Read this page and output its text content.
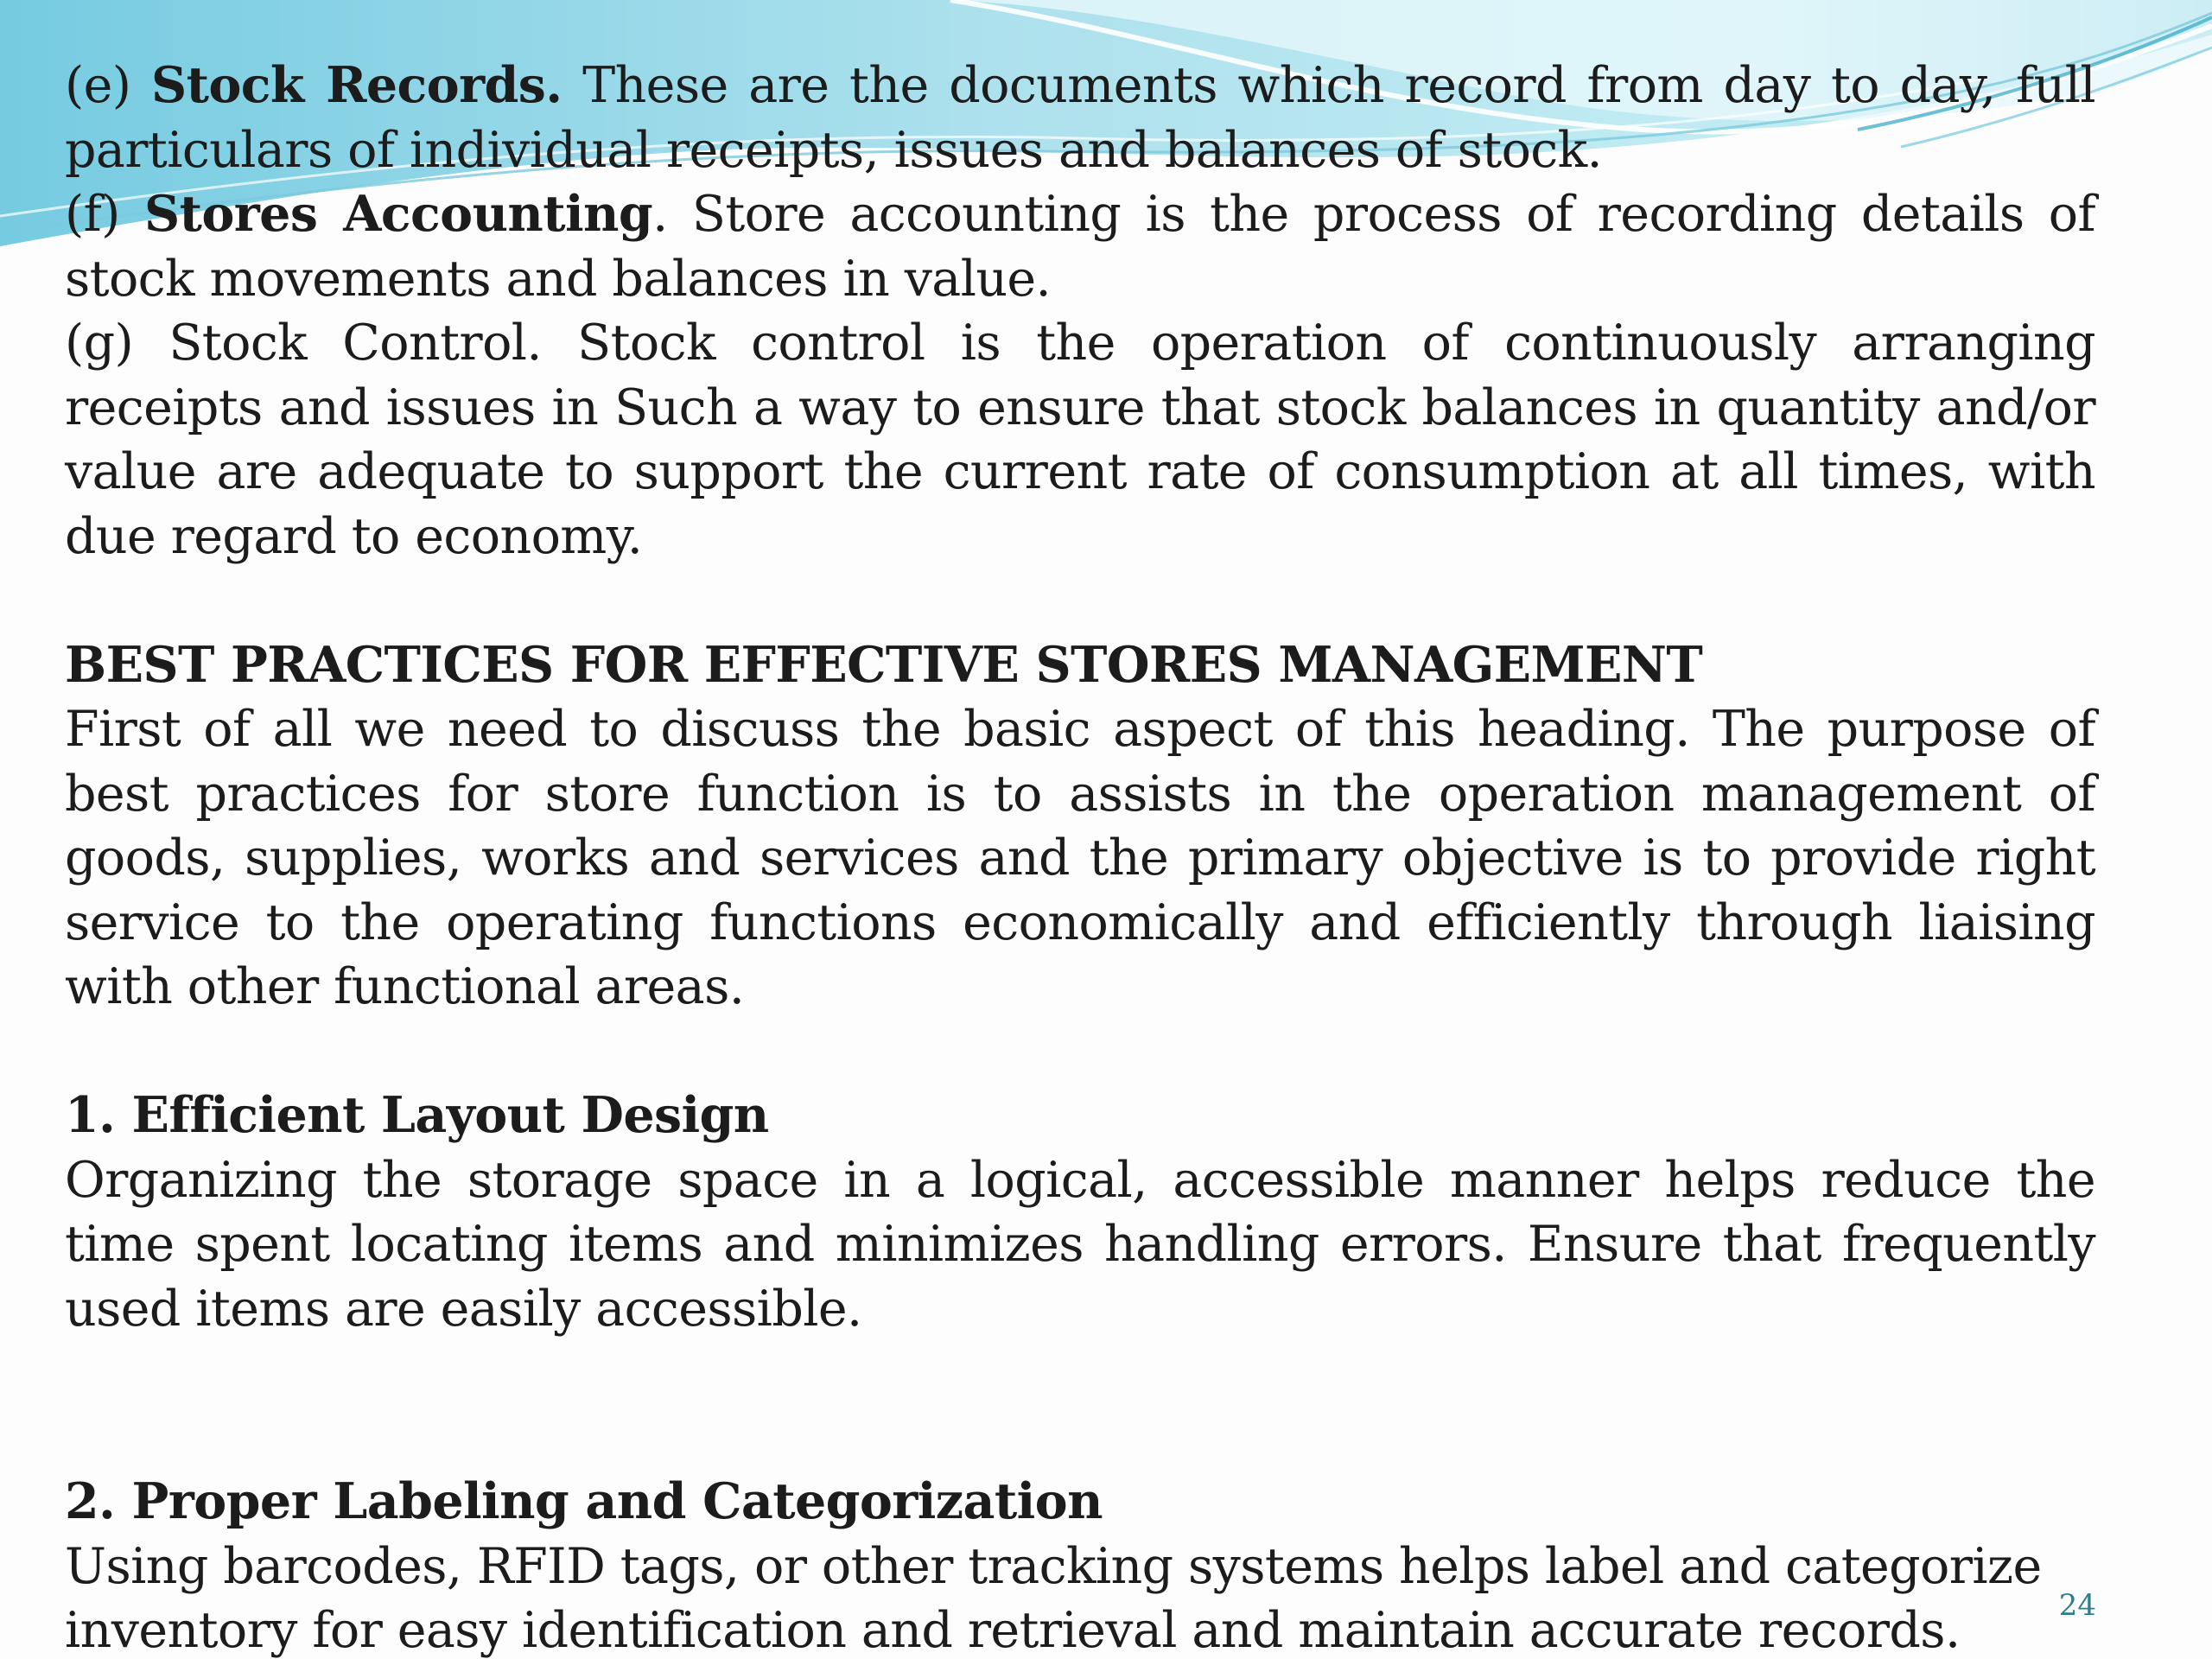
(e) Stock Records. These are the documents which record from day to day, full particulars of individual receipts, issues and balances of stock.

(f) Stores Accounting. Store accounting is the process of recording details of stock movements and balances in value.

(g) Stock Control. Stock control is the operation of continuously arranging receipts and issues in Such a way to ensure that stock balances in quantity and/or value are adequate to support the current rate of consumption at all times, with due regard to economy.

BEST PRACTICES FOR EFFECTIVE STORES MANAGEMENT

First of all we need to discuss the basic aspect of this heading. The purpose of best practices for store function is to assists in the operation management of goods, supplies, works and services and the primary objective is to provide right service to the operating functions economically and efficiently through liaising with other functional areas.

1. Efficient Layout Design

Organizing the storage space in a logical, accessible manner helps reduce the time spent locating items and minimizes handling errors. Ensure that frequently used items are easily accessible.

2. Proper Labeling and Categorization

Using barcodes, RFID tags, or other tracking systems helps label and categorize
inventory for easy identification and retrieval and maintain accurate records.	24
